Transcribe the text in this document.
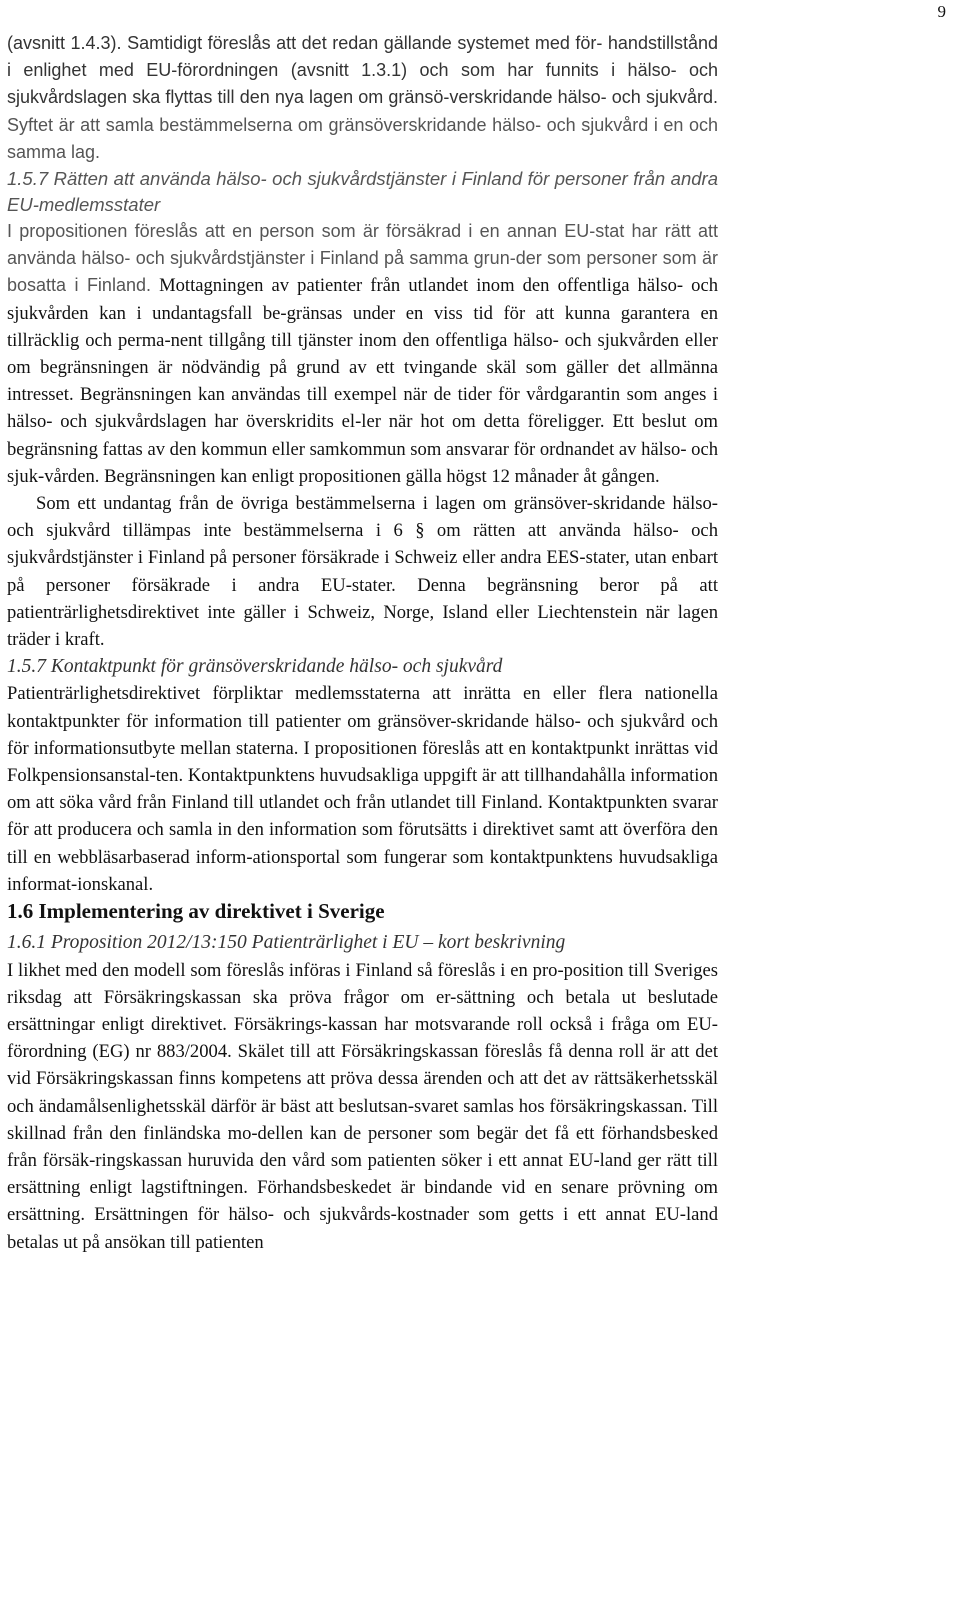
9

(avsnitt 1.4.3). Samtidigt föreslås att det redan gällande systemet med för- handstillstånd i enlighet med EU-förordningen (avsnitt 1.3.1) och som har funnits i hälso- och sjukvårdslagen ska flyttas till den nya lagen om gränsö-verskridande hälso- och sjukvård. Syftet är att samla bestämmelserna om gränsöverskridande hälso- och sjukvård i en och samma lag.

1.5.7 Rätten att använda hälso- och sjukvårdstjänster i Finland för personer från andra EU-medlemsstater

I propositionen föreslås att en person som är försäkrad i en annan EU-stat har rätt att använda hälso- och sjukvårdstjänster i Finland på samma grun-der som personer som är bosatta i Finland. Mottagningen av patienter från utlandet inom den offentliga hälso- och sjukvården kan i undantagsfall be-gränsas under en viss tid för att kunna garantera en tillräcklig och perma-nent tillgång till tjänster inom den offentliga hälso- och sjukvården eller om begränsningen är nödvändig på grund av ett tvingande skäl som gäller det allmänna intresset. Begränsningen kan användas till exempel när de tider för vårdgarantin som anges i hälso- och sjukvårdslagen har överskridits el-ler när hot om detta föreligger. Ett beslut om begränsning fattas av den kommun eller samkommun som ansvarar för ordnandet av hälso- och sjuk-vården. Begränsningen kan enligt propositionen gälla högst 12 månader åt gången.

Som ett undantag från de övriga bestämmelserna i lagen om gränsöver-skridande hälso- och sjukvård tillämpas inte bestämmelserna i 6 § om rätten att använda hälso- och sjukvårdstjänster i Finland på personer försäkrade i Schweiz eller andra EES-stater, utan enbart på personer försäkrade i andra EU-stater. Denna begränsning beror på att patienträrlighetsdirektivet inte gäller i Schweiz, Norge, Island eller Liechtenstein när lagen träder i kraft.

1.5.7 Kontaktpunkt för gränsöverskridande hälso- och sjukvård

Patienträrlighetsdirektivet förpliktar medlemsstaterna att inrätta en eller flera nationella kontaktpunkter för information till patienter om gränsöver-skridande hälso- och sjukvård och för informationsutbyte mellan staterna. I propositionen föreslås att en kontaktpunkt inrättas vid Folkpensionsanstal-ten. Kontaktpunktens huvudsakliga uppgift är att tillhandahålla information om att söka vård från Finland till utlandet och från utlandet till Finland. Kontaktpunkten svarar för att producera och samla in den information som förutsätts i direktivet samt att överföra den till en webbläsarbaserad inform-ationsportal som fungerar som kontaktpunktens huvudsakliga informat-ionskanal.

1.6 Implementering av direktivet i Sverige

1.6.1 Proposition 2012/13:150 Patienträrlighet i EU – kort beskrivning

I likhet med den modell som föreslås införas i Finland så föreslås i en pro-position till Sveriges riksdag att Försäkringskassan ska pröva frågor om er-sättning och betala ut beslutade ersättningar enligt direktivet. Försäkrings-kassan har motsvarande roll också i fråga om EU-förordning (EG) nr 883/2004. Skälet till att Försäkringskassan föreslås få denna roll är att det vid Försäkringskassan finns kompetens att pröva dessa ärenden och att det av rättsäkerhetsskäl och ändamålsenlighetsskäl därför är bäst att beslutsan-svaret samlas hos försäkringskassan. Till skillnad från den finländska mo-dellen kan de personer som begär det få ett förhandsbesked från försäk-ringskassan huruvida den vård som patienten söker i ett annat EU-land ger rätt till ersättning enligt lagstiftningen. Förhandsbeskedet är bindande vid en senare prövning om ersättning. Ersättningen för hälso- och sjukvårds-kostnader som getts i ett annat EU-land betalas ut på ansökan till patienten
